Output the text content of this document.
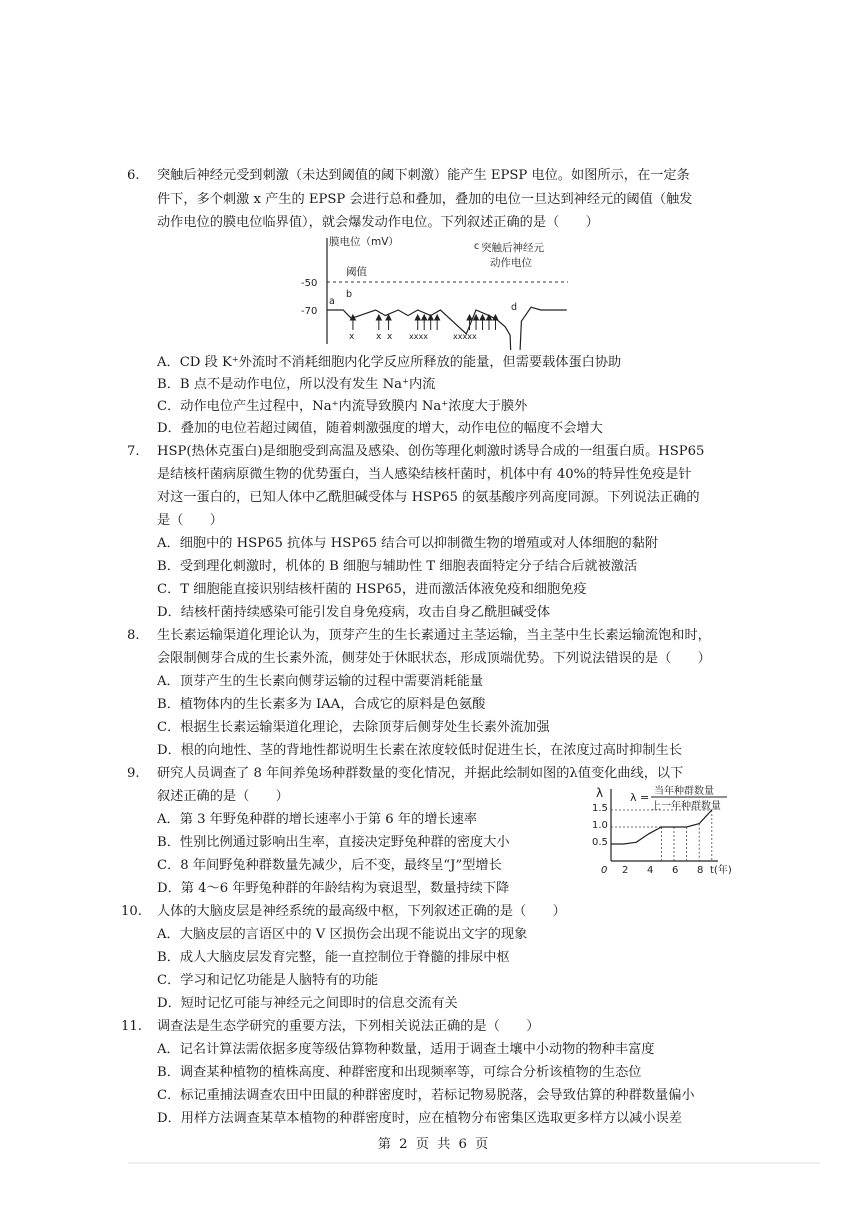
6. 突触后神经元受到刺激（未达到阈值的阈下刺激）能产生 EPSP 电位。如图所示，在一定条
件下，多个刺激 x 产生的 EPSP 会进行总和叠加，叠加的电位一旦达到神经元的阈值（触发
动作电位的膜电位临界值），就会爆发动作电位。下列叙述正确的是（　　）
膜电位（mV）
-50
-70
阈值
突触后神经元
动作电位
a
b
c
d
x x x xxxx	xxxxx
A．CD 段 K⁺外流时不消耗细胞内化学反应所释放的能量，但需要载体蛋白协助
B．B 点不是动作电位，所以没有发生 Na⁺内流
C．动作电位产生过程中，Na⁺内流导致膜内 Na⁺浓度大于膜外
D．叠加的电位若超过阈值，随着刺激强度的增大，动作电位的幅度不会增大
7. HSP(热休克蛋白)是细胞受到高温及感染、创伤等理化刺激时诱导合成的一组蛋白质。HSP65
是结核杆菌病原微生物的优势蛋白，当人感染结核杆菌时，机体中有 40%的特异性免疫是针
对这一蛋白的，已知人体中乙酰胆碱受体与 HSP65 的氨基酸序列高度同源。下列说法正确的
是（　　）
A．细胞中的 HSP65 抗体与 HSP65 结合可以抑制微生物的增殖或对人体细胞的黏附
B．受到理化刺激时，机体的 B 细胞与辅助性 T 细胞表面特定分子结合后就被激活
C．T 细胞能直接识别结核杆菌的 HSP65，进而激活体液免疫和细胞免疫
D．结核杆菌持续感染可能引发自身免疫病，攻击自身乙酰胆碱受体
8. 生长素运输渠道化理论认为，顶芽产生的生长素通过主茎运输，当主茎中生长素运输流饱和时，
会限制侧芽合成的生长素外流，侧芽处于休眠状态，形成顶端优势。下列说法错误的是（　　）
A．顶芽产生的生长素向侧芽运输的过程中需要消耗能量
B．植物体内的生长素多为 IAA，合成它的原料是色氨酸
C．根据生长素运输渠道化理论，去除顶芽后侧芽处生长素外流加强
D．根的向地性、茎的背地性都说明生长素在浓度较低时促进生长，在浓度过高时抑制生长
9. 研究人员调查了 8 年间养兔场种群数量的变化情况，并据此绘制如图的λ值变化曲线，以下
叙述正确的是（　　）
A．第 3 年野兔种群的增长速率小于第 6 年的增长速率
B．性别比例通过影响出生率，直接决定野兔种群的密度大小
C．8 年间野兔种群数量先减少，后不变，最终呈“J”型增长
D．第 4～6 年野兔种群的年龄结构为衰退型，数量持续下降
λ λ = 当年种群数量
上一年种群数量
1.5
1.0
0.5
0 2 4 6 8 t(年)
10. 人体的大脑皮层是神经系统的最高级中枢，下列叙述正确的是（　　）
A．大脑皮层的言语区中的 V 区损伤会出现不能说出文字的现象
B．成人大脑皮层发育完整，能一直控制位于脊髓的排尿中枢
C．学习和记忆功能是人脑特有的功能
D．短时记忆可能与神经元之间即时的信息交流有关
11. 调查法是生态学研究的重要方法，下列相关说法正确的是（　　）
A．记名计算法需依据多度等级估算物种数量，适用于调查土壤中小动物的物种丰富度
B．调查某种植物的植株高度、种群密度和出现频率等，可综合分析该植物的生态位
C．标记重捕法调查农田中田鼠的种群密度时，若标记物易脱落，会导致估算的种群数量偏小
D．用样方法调查某草本植物的种群密度时，应在植物分布密集区选取更多样方以减小误差
第 2 页 共 6 页
